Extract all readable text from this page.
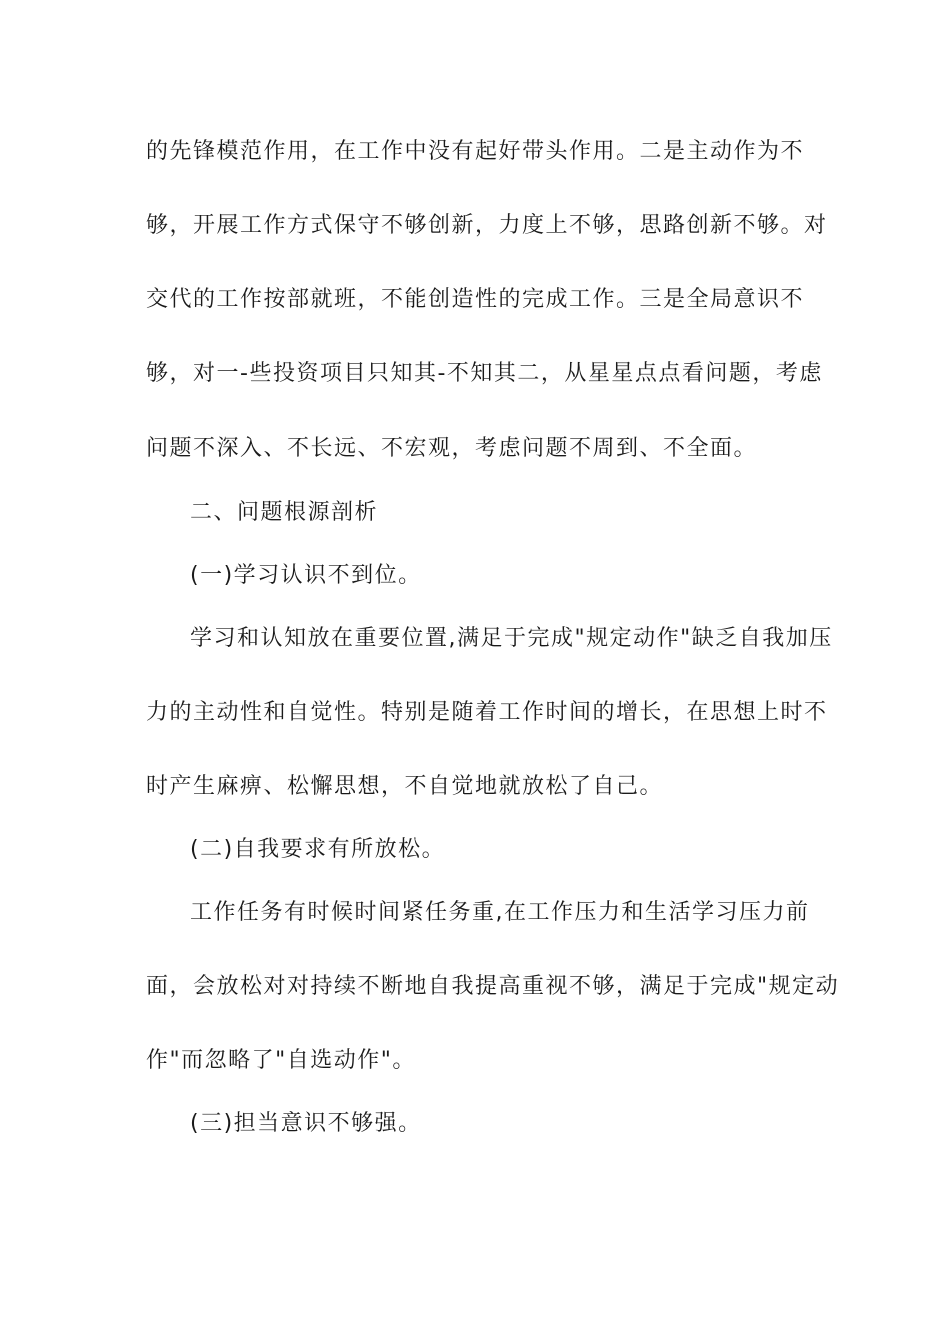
的先锋模范作用，在工作中没有起好带头作用。二是主动作为不

够，开展工作方式保守不够创新，力度上不够，思路创新不够。对

交代的工作按部就班，不能创造性的完成工作。三是全局意识不

够，对一-些投资项目只知其-不知其二，从星星点点看问题，考虑

问题不深入、不长远、不宏观，考虑问题不周到、不全面。

二、问题根源剖析

(一)学习认识不到位。

学习和认知放在重要位置,满足于完成"规定动作"缺乏自我加压

力的主动性和自觉性。特别是随着工作时间的增长，在思想上时不

时产生麻痹、松懈思想，不自觉地就放松了自己。

(二)自我要求有所放松。

工作任务有时候时间紧任务重,在工作压力和生活学习压力前

面，会放松对对持续不断地自我提高重视不够，满足于完成"规定动

作"而忽略了"自选动作"。

(三)担当意识不够强。
